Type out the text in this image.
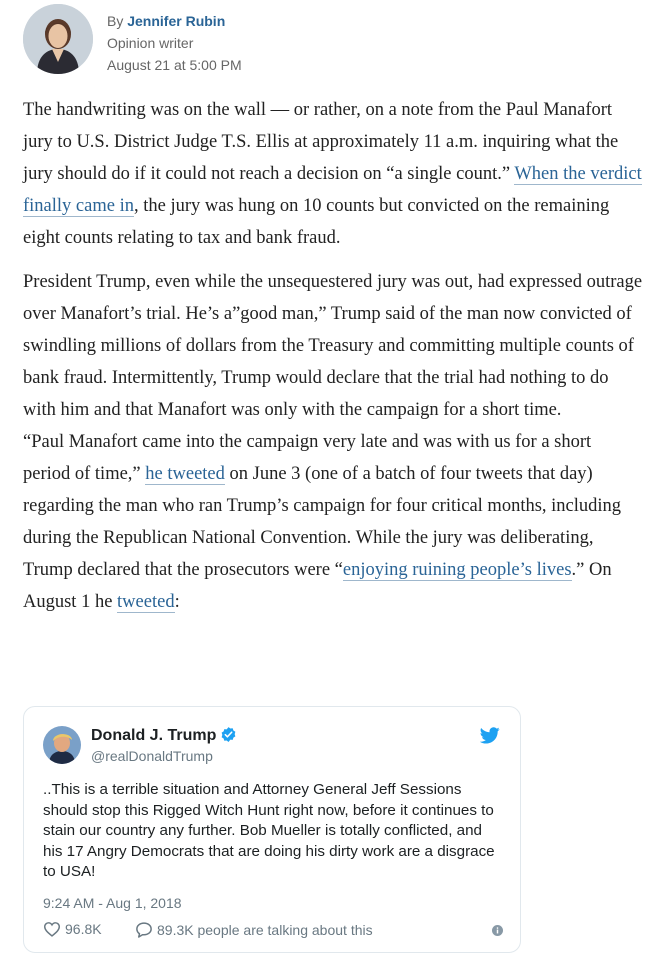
By Jennifer Rubin
Opinion writer
August 21 at 5:00 PM

The handwriting was on the wall — or rather, on a note from the Paul Manafort jury to U.S. District Judge T.S. Ellis at approximately 11 a.m. inquiring what the jury should do if it could not reach a decision on “a single count.” When the verdict finally came in, the jury was hung on 10 counts but convicted on the remaining eight counts relating to tax and bank fraud.

President Trump, even while the unsequestered jury was out, had expressed outrage over Manafort’s trial. He’s a”good man,” Trump said of the man now convicted of swindling millions of dollars from the Treasury and committing multiple counts of bank fraud. Intermittently, Trump would declare that the trial had nothing to do with him and that Manafort was only with the campaign for a short time.

“Paul Manafort came into the campaign very late and was with us for a short period of time,” he tweeted on June 3 (one of a batch of four tweets that day) regarding the man who ran Trump’s campaign for four critical months, including during the Republican National Convention. While the jury was deliberating, Trump declared that the prosecutors were “enjoying ruining people’s lives.” On August 1 he tweeted:

Donald J. Trump
@realDonaldTrump
..This is a terrible situation and Attorney General Jeff Sessions should stop this Rigged Witch Hunt right now, before it continues to stain our country any further. Bob Mueller is totally conflicted, and his 17 Angry Democrats that are doing his dirty work are a disgrace to USA!
9:24 AM - Aug 1, 2018
96.8K	89.3K people are talking about this
